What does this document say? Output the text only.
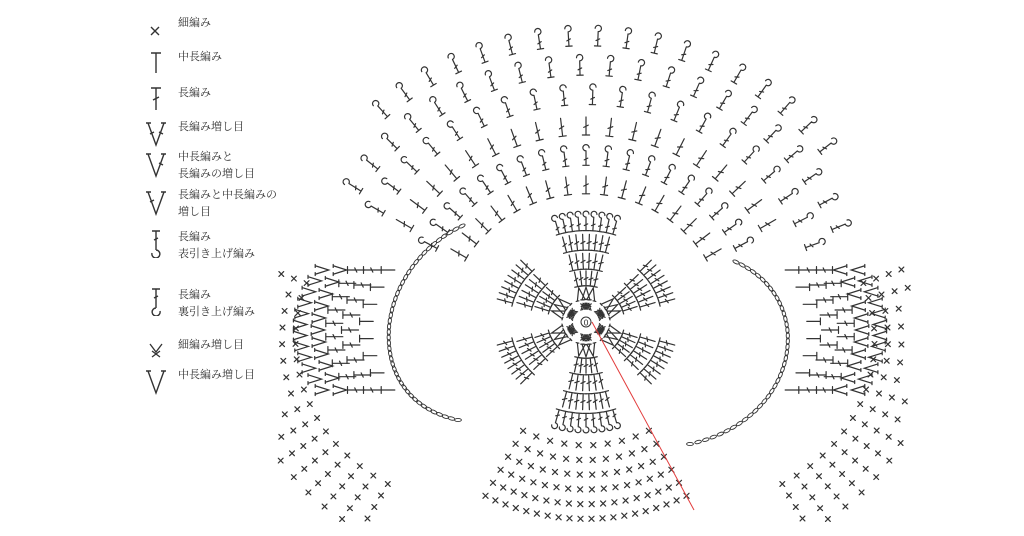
細編み
中長編み
長編み
長編み増し目
中長編みと
長編みの増し目
長編みと中長編みの
増し目
長編み
表引き上げ編み
長編み
裏引き上げ編み
細編み増し目
中長編み増し目
0
